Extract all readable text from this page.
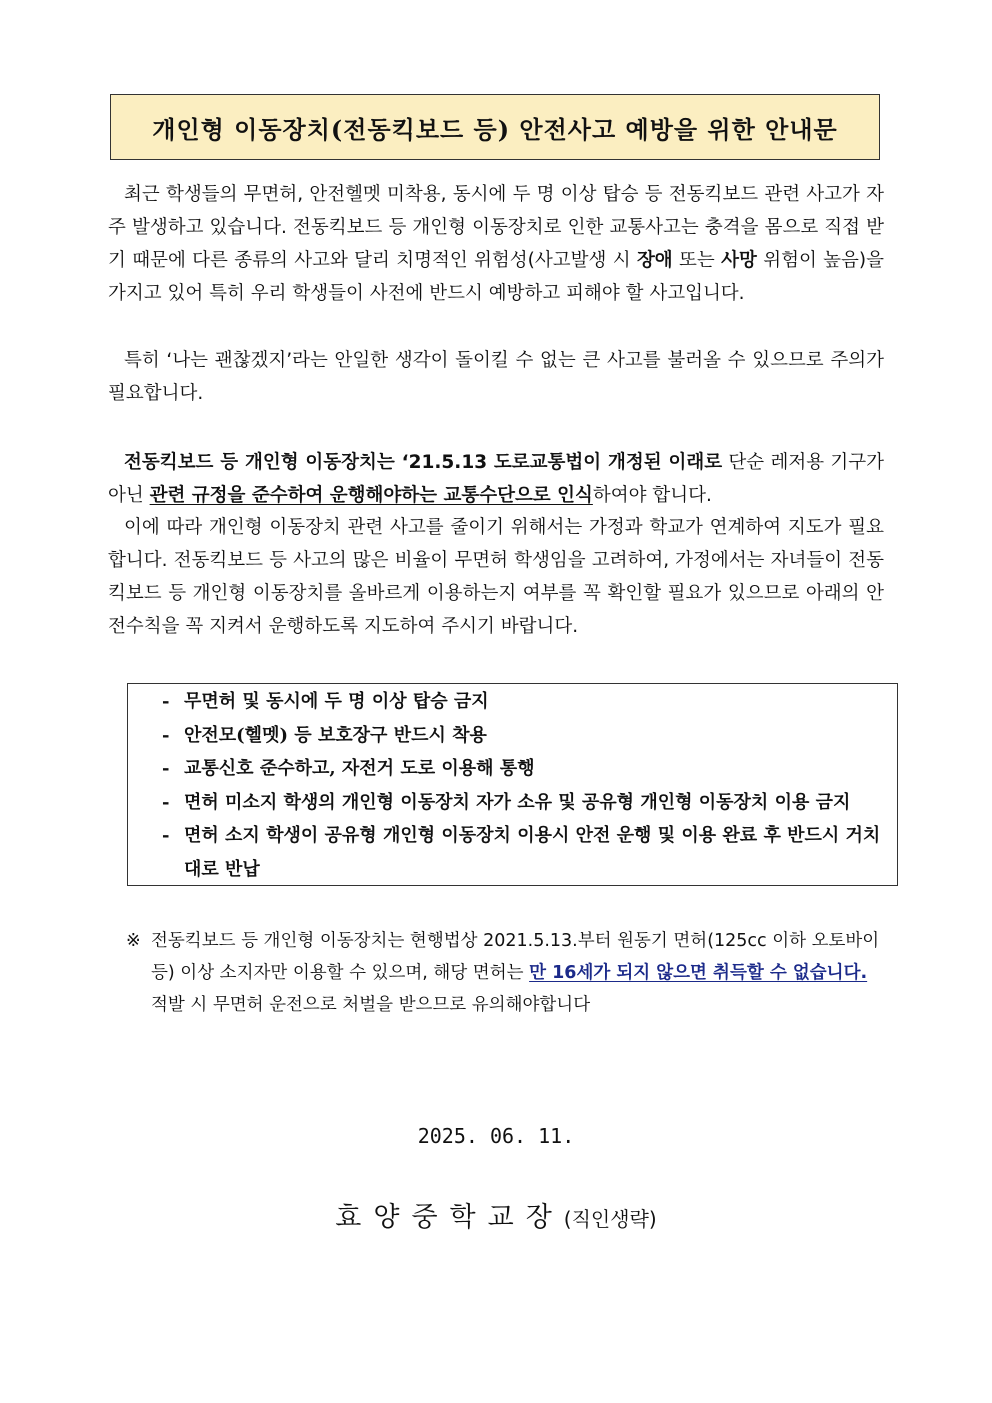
개인형 이동장치(전동킥보드 등) 안전사고 예방을 위한 안내문

최근 학생들의 무면허, 안전헬멧 미착용, 동시에 두 명 이상 탑승 등 전동킥보드 관련 사고가 자주 발생하고 있습니다. 전동킥보드 등 개인형 이동장치로 인한 교통사고는 충격을 몸으로 직접 받기 때문에 다른 종류의 사고와 달리 치명적인 위험성(사고발생 시 장애 또는 사망 위험이 높음)을 가지고 있어 특히 우리 학생들이 사전에 반드시 예방하고 피해야 할 사고입니다.

특히 ‘나는 괜찮겠지’라는 안일한 생각이 돌이킬 수 없는 큰 사고를 불러올 수 있으므로 주의가 필요합니다.

전동킥보드 등 개인형 이동장치는 ‘21.5.13 도로교통법이 개정된 이래로 단순 레저용 기구가 아닌 관련 규정을 준수하여 운행해야하는 교통수단으로 인식하여야 합니다.

이에 따라 개인형 이동장치 관련 사고를 줄이기 위해서는 가정과 학교가 연계하여 지도가 필요합니다. 전동킥보드 등 사고의 많은 비율이 무면허 학생임을 고려하여, 가정에서는 자녀들이 전동킥보드 등 개인형 이동장치를 올바르게 이용하는지 여부를 꼭 확인할 필요가 있으므로 아래의 안전수칙을 꼭 지켜서 운행하도록 지도하여 주시기 바랍니다.

- 무면허 및 동시에 두 명 이상 탑승 금지
- 안전모(헬멧) 등 보호장구 반드시 착용
- 교통신호 준수하고, 자전거 도로 이용해 통행
- 면허 미소지 학생의 개인형 이동장치 자가 소유 및 공유형 개인형 이동장치 이용 금지
- 면허 소지 학생이 공유형 개인형 이동장치 이용시 안전 운행 및 이용 완료 후 반드시 거치대로 반납

※ 전동킥보드 등 개인형 이동장치는 현행법상 2021.5.13.부터 원동기 면허(125cc 이하 오토바이 등) 이상 소지자만 이용할 수 있으며, 해당 면허는 만 16세가 되지 않으면 취득할 수 없습니다. 적발 시 무면허 운전으로 처벌을 받으므로 유의해야합니다

2025. 06. 11.
효양중학교장(직인생략)
